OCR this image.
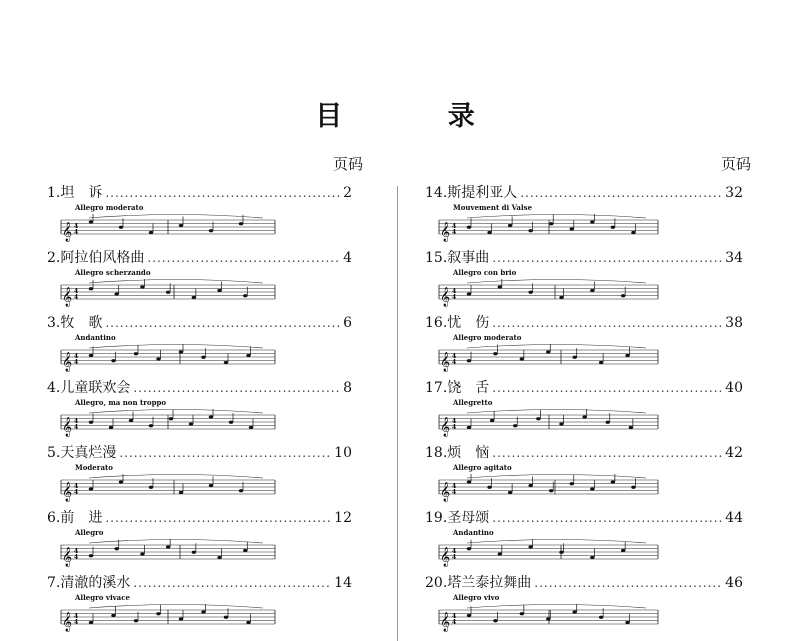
目 录
页码	页码
1. 坦　诉 .....	2
Allegro moderato
𝄞 4
4
2. 阿拉伯风格曲 .....	4
Allegro scherzando
𝄞 4
4
3. 牧　歌 .....	6
Andantino
𝄞 4
4
4. 儿童联欢会 .....	8
Allegro, ma non troppo
𝄞 4
4
5. 天真烂漫 .....	10
Moderato
𝄞 4
4
6. 前　进 .....	12
Allegro
𝄞 4
4
7. 清澈的溪水 .....	14
Allegro vivace
𝄞 4
4
14. 斯提利亚人 .....	32
Mouvement di Valse
𝄞 4
4
15. 叙事曲 .....	34
Allegro con brio
𝄞 4
4
16. 忧　伤 .....	38
Allegro moderato
𝄞 4
4
17. 饶　舌 .....	40
Allegretto
𝄞 4
4
18. 烦　恼 .....	42
Allegro agitato
𝄞 4
4
19. 圣母颂 .....	44
Andantino
𝄞 4
4
20. 塔兰泰拉舞曲 .....	46
Allegro vivo
𝄞 4
4
